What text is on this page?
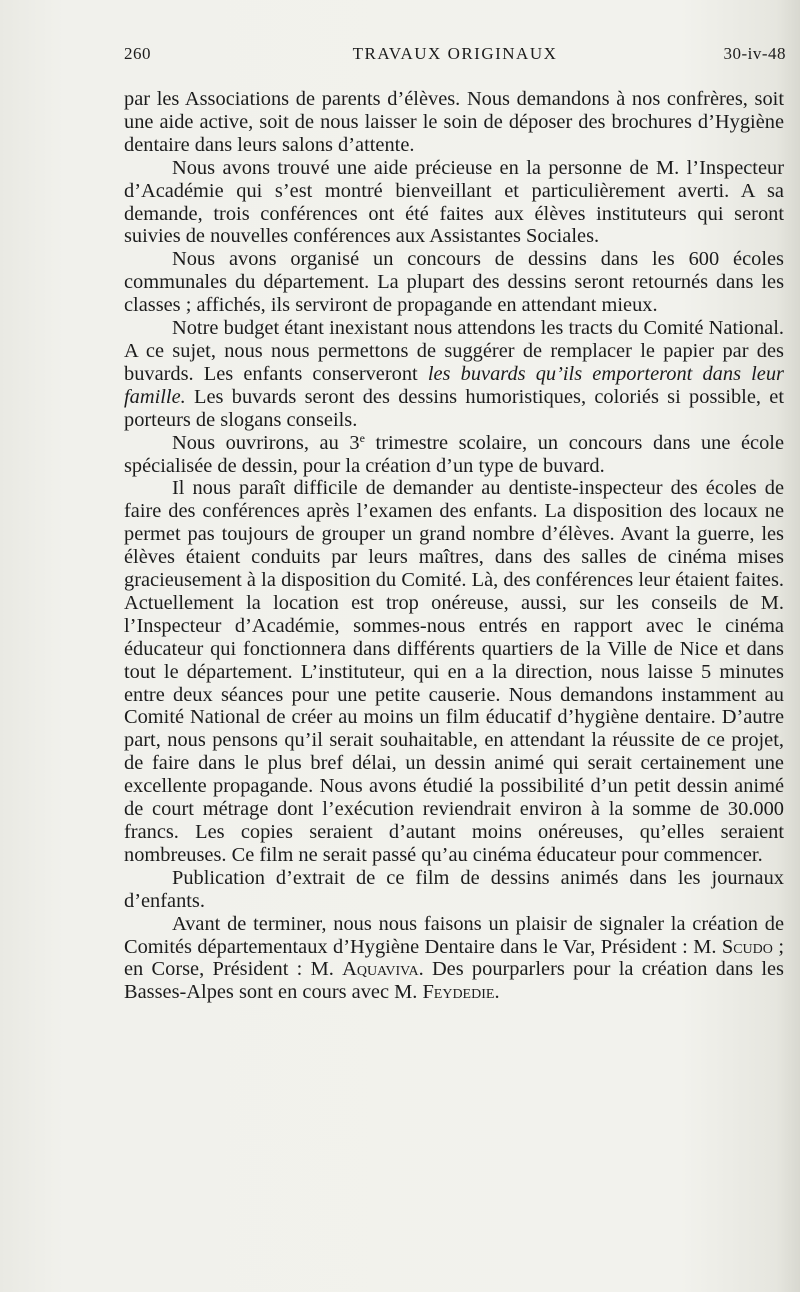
260	TRAVAUX ORIGINAUX	30-iv-48

par les Associations de parents d’élèves. Nous demandons à nos confrères, soit une aide active, soit de nous laisser le soin de déposer des brochures d’Hygiène dentaire dans leurs salons d’attente.

Nous avons trouvé une aide précieuse en la personne de M. l’Inspecteur d’Académie qui s’est montré bienveillant et particulièrement averti. A sa demande, trois conférences ont été faites aux élèves instituteurs qui seront suivies de nouvelles conférences aux Assistantes Sociales.

Nous avons organisé un concours de dessins dans les 600 écoles communales du département. La plupart des dessins seront retournés dans les classes ; affichés, ils serviront de propagande en attendant mieux.

Notre budget étant inexistant nous attendons les tracts du Comité National. A ce sujet, nous nous permettons de suggérer de remplacer le papier par des buvards. Les enfants conserveront les buvards qu’ils emporteront dans leur famille. Les buvards seront des dessins humoristiques, coloriés si possible, et porteurs de slogans conseils.

Nous ouvrirons, au 3e trimestre scolaire, un concours dans une école spécialisée de dessin, pour la création d’un type de buvard.

Il nous paraît difficile de demander au dentiste-inspecteur des écoles de faire des conférences après l’examen des enfants. La disposition des locaux ne permet pas toujours de grouper un grand nombre d’élèves. Avant la guerre, les élèves étaient conduits par leurs maîtres, dans des salles de cinéma mises gracieusement à la disposition du Comité. Là, des conférences leur étaient faites. Actuellement la location est trop onéreuse, aussi, sur les conseils de M. l’Inspecteur d’Académie, sommes-nous entrés en rapport avec le cinéma éducateur qui fonctionnera dans différents quartiers de la Ville de Nice et dans tout le département. L’instituteur, qui en a la direction, nous laisse 5 minutes entre deux séances pour une petite causerie. Nous demandons instamment au Comité National de créer au moins un film éducatif d’hygiène dentaire. D’autre part, nous pensons qu’il serait souhaitable, en attendant la réussite de ce projet, de faire dans le plus bref délai, un dessin animé qui serait certainement une excellente propagande. Nous avons étudié la possibilité d’un petit dessin animé de court métrage dont l’exécution reviendrait environ à la somme de 30.000 francs. Les copies seraient d’autant moins onéreuses, qu’elles seraient nombreuses. Ce film ne serait passé qu’au cinéma éducateur pour commencer.

Publication d’extrait de ce film de dessins animés dans les journaux d’enfants.

Avant de terminer, nous nous faisons un plaisir de signaler la création de Comités départementaux d’Hygiène Dentaire dans le Var, Président : M. Scudo ; en Corse, Président : M. Aquaviva. Des pourparlers pour la création dans les Basses-Alpes sont en cours avec M. Feydedie.
